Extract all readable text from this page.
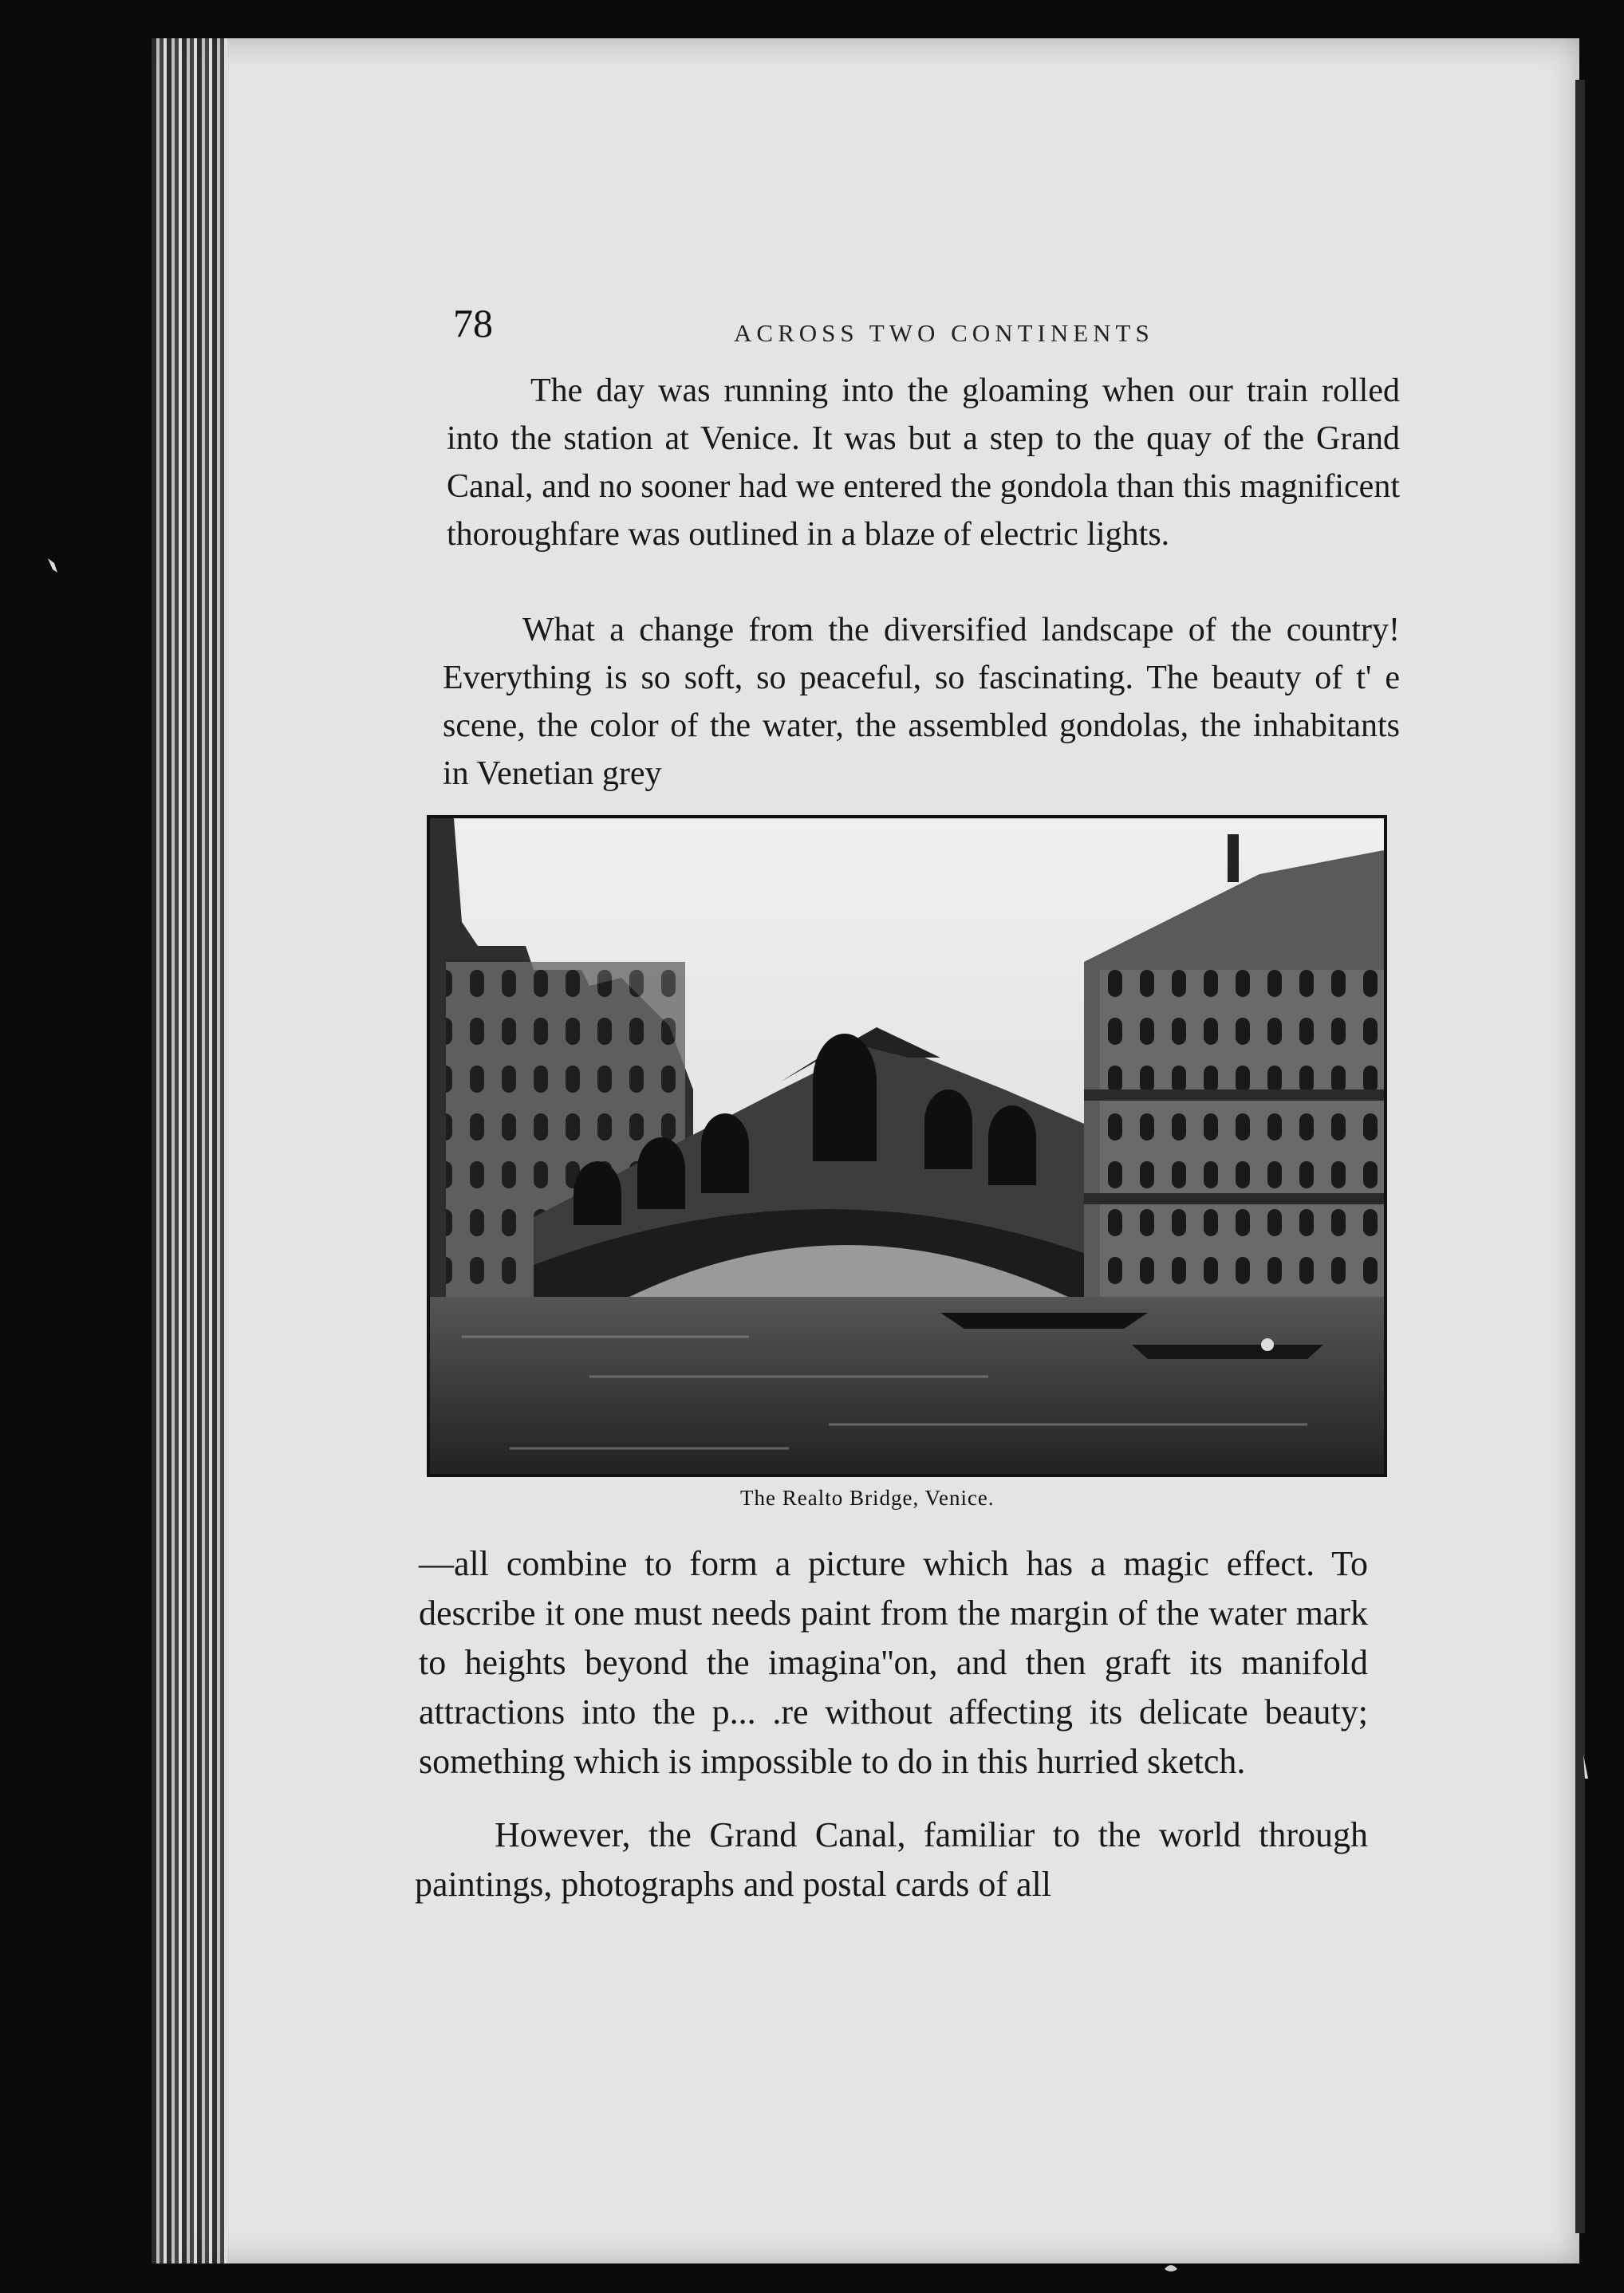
78	ACROSS TWO CONTINENTS

The day was running into the gloaming when our train rolled into the station at Venice. It was but a step to the quay of the Grand Canal, and no sooner had we entered the gondola than this magnificent thoroughfare was outlined in a blaze of electric lights.

What a change from the diversified landscape of the country! Everything is so soft, so peaceful, so fascinating. The beauty of t' e scene, the color of the water, the assembled gondolas, the inhabitants in Venetian grey

The Realto Bridge, Venice.

—all combine to form a picture which has a magic effect. To describe it one must needs paint from the margin of the water mark to heights beyond the imagina''on, and then graft its manifold attractions into the p... .re without affecting its delicate beauty; something which is impossible to do in this hurried sketch.

However, the Grand Canal, familiar to the world through paintings, photographs and postal cards of all
